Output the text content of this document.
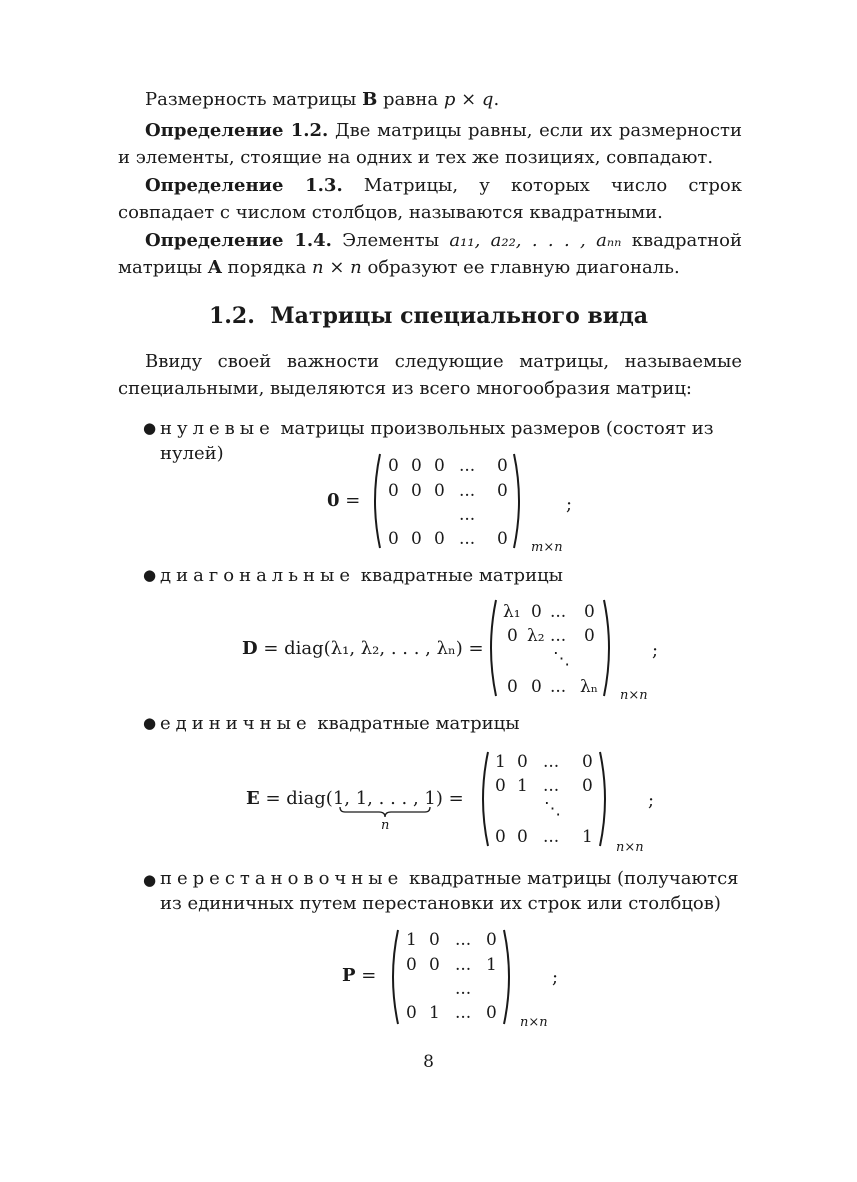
Размерность матрицы B равна p × q.

Определение 1.2. Две матрицы равны, если их размерности и элементы, стоящие на одних и тех же позициях, совпадают.

Определение 1.3. Матрицы, у которых число строк совпадает с числом столбцов, называются квадратными.

Определение 1.4. Элементы a₁₁, a₂₂, . . . , aₙₙ квадратной матрицы A порядка n × n образуют ее главную диагональ.

1.2. Матрицы специального вида

Ввиду своей важности следующие матрицы, называемые специальными, выделяются из всего многообразия матриц:

● нулевые матрицы произвольных размеров (состоят из нулей)

0 =
0 0 0 ... 0
0 0 0 ... 0
...
0 0 0 ... 0 m×n
;
● диагональные квадратные матрицы

D = diag(λ₁, λ₂, . . . , λₙ) =
λ₁ 0 ... 0
0 λ₂ ... 0
⋱
0 0 ... λₙ n×n
;
● единичные квадратные матрицы

E = diag(1, 1, . . . , 1) =
n
1 0 ... 0
0 1 ... 0
⋱
0 0 ... 1
n×n
;
● перестановочные квадратные матрицы (получаются из единичных путем перестановки их строк или столбцов)

P =
1 0 ... 0
0 0 ... 1
...
0 1 ... 0 n×n
;
8
